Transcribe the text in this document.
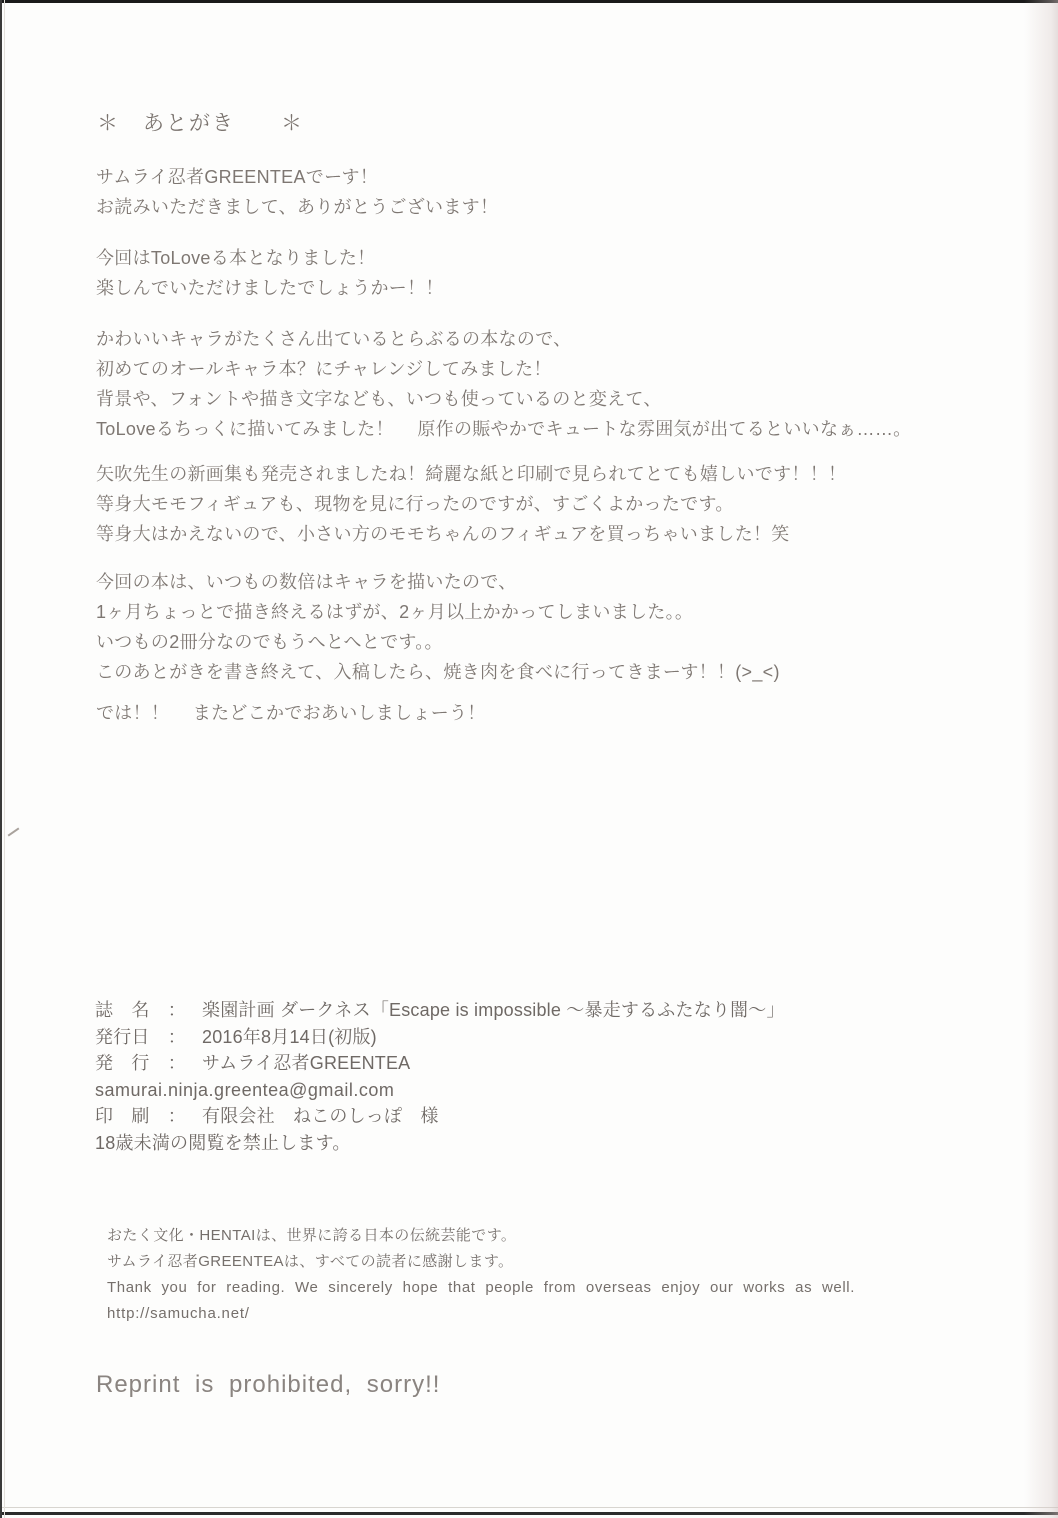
＊　あとがき　　＊
サムライ忍者GREENTEAでーす！
お読みいただきまして、ありがとうございます！
今回はToLoveる本となりました！
楽しんでいただけましたでしょうかー！！
かわいいキャラがたくさん出ているとらぶるの本なので、
初めてのオールキャラ本？にチャレンジしてみました！
背景や、フォントや描き文字なども、いつも使っているのと変えて、
ToLoveるちっくに描いてみました！　 原作の賑やかでキュートな雰囲気が出てるといいなぁ……。
矢吹先生の新画集も発売されましたね！綺麗な紙と印刷で見られてとても嬉しいです！！！
等身大モモフィギュアも、現物を見に行ったのですが、すごくよかったです。
等身大はかえないので、小さい方のモモちゃんのフィギュアを買っちゃいました！笑
今回の本は、いつもの数倍はキャラを描いたので、
1ヶ月ちょっとで描き終えるはずが、2ヶ月以上かかってしまいました。。
いつもの2冊分なのでもうへとへとです。。
このあとがきを書き終えて、入稿したら、焼き肉を食べに行ってきまーす！！(>_<)
では！！　 またどこかでおあいしましょーう！
誌　名　： 楽園計画 ダークネス「Escape is impossible ～暴走するふたなり闇～」
発行日　： 2016年8月14日(初版)
発　行　： サムライ忍者GREENTEA
samurai.ninja.greentea@gmail.com
印　刷　： 有限会社　ねこのしっぽ　様
18歳未満の閲覧を禁止します。
おたく文化・HENTAIは、世界に誇る日本の伝統芸能です。
サムライ忍者GREENTEAは、すべての読者に感謝します。
Thank you for reading. We sincerely hope that people from overseas enjoy our works as well.
http://samucha.net/
Reprint is prohibited, sorry!!
